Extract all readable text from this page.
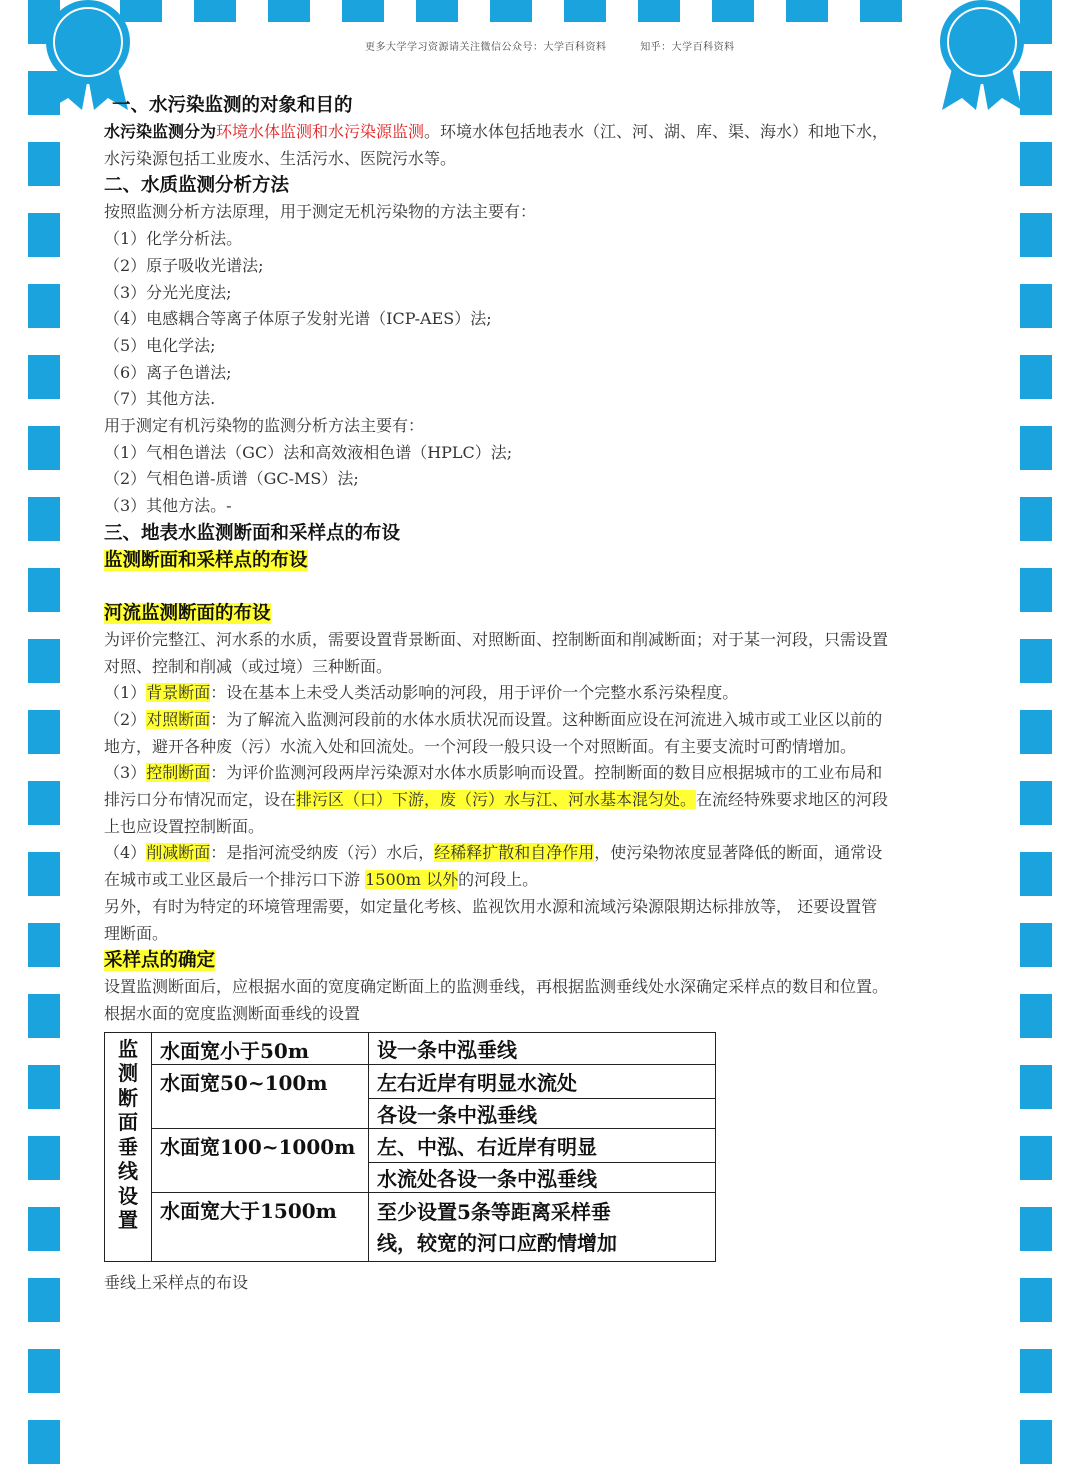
更多大学学习资源请关注微信公众号：大学百科资料	知乎：大学百科资料
一、水污染监测的对象和目的
水污染监测分为环境水体监测和水污染源监测。环境水体包括地表水（江、河、湖、库、渠、海水）和地下水，
水污染源包括工业废水、生活污水、医院污水等。
二、水质监测分析方法
按照监测分析方法原理，用于测定无机污染物的方法主要有：
（1）化学分析法。
（2）原子吸收光谱法;
（3）分光光度法;
（4）电感耦合等离子体原子发射光谱（ICP-AES）法;
（5）电化学法;
（6）离子色谱法;
（7）其他方法.
用于测定有机污染物的监测分析方法主要有：
（1）气相色谱法（GC）法和高效液相色谱（HPLC）法;
（2）气相色谱-质谱（GC-MS）法;
（3）其他方法。-
三、地表水监测断面和采样点的布设
监测断面和采样点的布设
河流监测断面的布设
为评价完整江、河水系的水质，需要设置背景断面、对照断面、控制断面和削减断面；对于某一河段，只需设置
对照、控制和削减（或过境）三种断面。
（1）背景断面：设在基本上未受人类活动影响的河段，用于评价一个完整水系污染程度。
（2）对照断面：为了解流入监测河段前的水体水质状况而设置。这种断面应设在河流进入城市或工业区以前的
地方，避开各种废（污）水流入处和回流处。一个河段一般只设一个对照断面。有主要支流时可酌情增加。
（3）控制断面：为评价监测河段两岸污染源对水体水质影响而设置。控制断面的数目应根据城市的工业布局和
排污口分布情况而定，设在排污区（口）下游，废（污）水与江、河水基本混匀处。在流经特殊要求地区的河段
上也应设置控制断面。
（4）削减断面：是指河流受纳废（污）水后，经稀释扩散和自净作用，使污染物浓度显著降低的断面，通常设
在城市或工业区最后一个排污口下游 1500m 以外的河段上。
另外，有时为特定的环境管理需要，如定量化考核、监视饮用水源和流域污染源限期达标排放等， 还要设置管
理断面。
采样点的确定
设置监测断面后，应根据水面的宽度确定断面上的监测垂线，再根据监测垂线处水深确定采样点的数目和位置。
根据水面的宽度监测断面垂线的设置
监测断面垂线设置	水面宽小于50m	设一条中泓垂线
	水面宽50~100m	左右近岸有明显水流处
		各设一条中泓垂线
	水面宽100~1000m	左、中泓、右近岸有明显
		水流处各设一条中泓垂线
	水面宽大于1500m	至少设置5条等距离采样垂
		线，较宽的河口应酌情增加
垂线上采样点的布设
